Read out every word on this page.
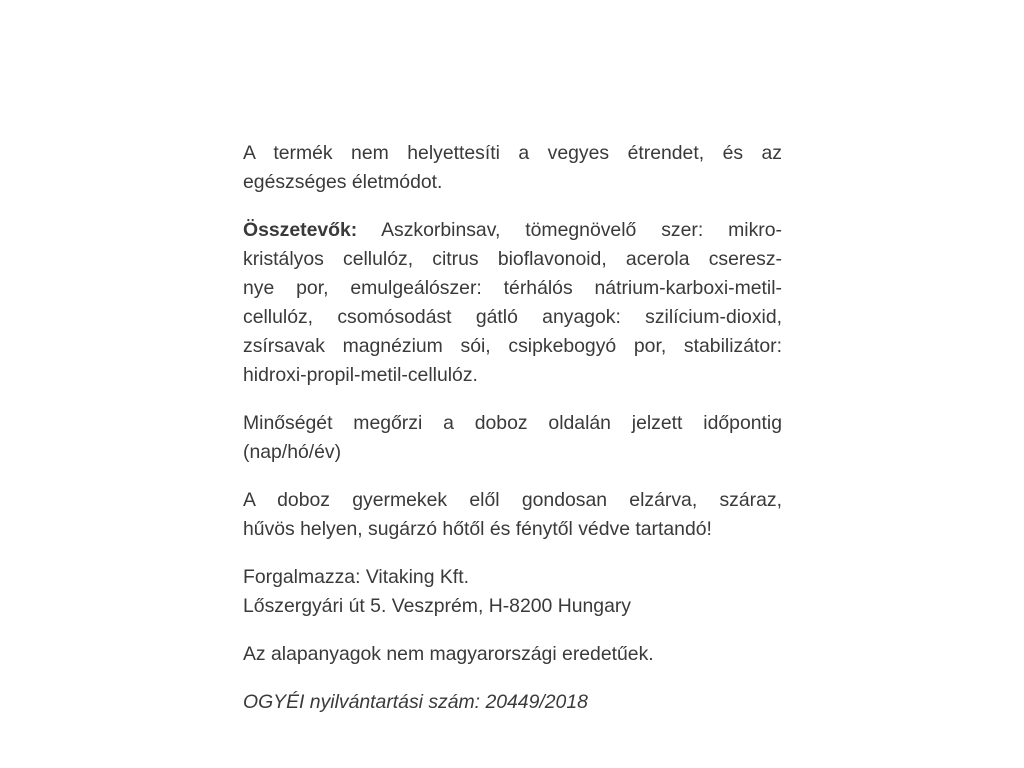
A termék nem helyettesíti a vegyes étrendet, és az
egészséges életmódot.

Összetevők: Aszkorbinsav, tömegnövelő szer: mikro-
kristályos cellulóz, citrus bioflavonoid, acerola cseresz-
nye por, emulgeálószer: térhálós nátrium-karboxi-metil-
cellulóz, csomósodást gátló anyagok: szilícium-dioxid,
zsírsavak magnézium sói, csipkebogyó por, stabilizátor:
hidroxi-propil-metil-cellulóz.

Minőségét megőrzi a doboz oldalán jelzett időpontig
(nap/hó/év)

A doboz gyermekek elől gondosan elzárva, száraz,
hűvös helyen, sugárzó hőtől és fénytől védve tartandó!

Forgalmazza: Vitaking Kft.
Lőszergyári út 5. Veszprém, H-8200 Hungary

Az alapanyagok nem magyarországi eredetűek.

OGYÉI nyilvántartási szám: 20449/2018
